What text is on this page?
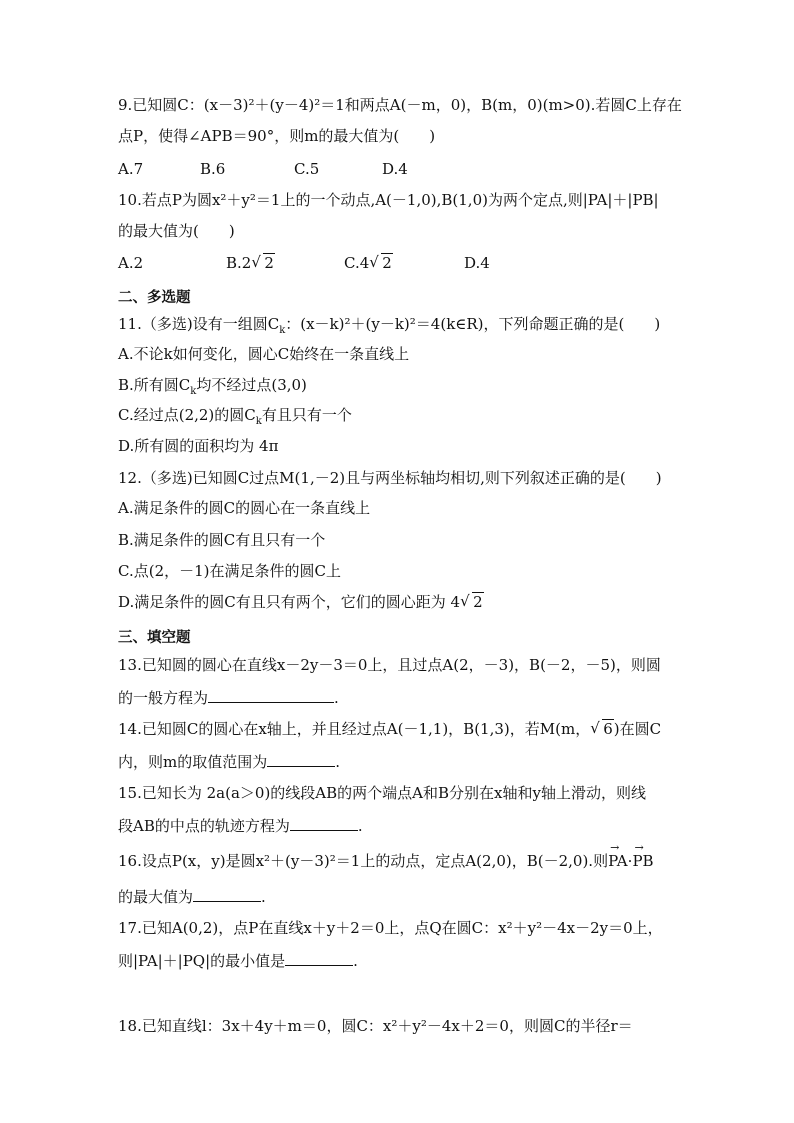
9.已知圆C：(x－3)²＋(y－4)²＝1和两点A(－m，0)，B(m，0)(m>0).若圆C上存在
点P，使得∠APB＝90°，则m的最大值为(　　)
A.7	B.6	C.5	D.4
10.若点P为圆x²＋y²＝1上的一个动点,A(－1,0),B(1,0)为两个定点,则|PA|＋|PB|
的最大值为(　　)
A.2	B.2 √ 2	C.4 √ 2	D.4
二、多选题
11.（多选)设有一组圆$C_k$：(x－k)²＋(y－k)²＝4(k∈R)，下列命题正确的是(　　)
A.不论k如何变化，圆心C始终在一条直线上
B.所有圆$C_k$均不经过点(3,0)
C.经过点(2,2)的圆$C_k$有且只有一个
D.所有圆的面积均为 4π
12.（多选)已知圆C过点M(1,－2)且与两坐标轴均相切,则下列叙述正确的是(　　)
A.满足条件的圆C的圆心在一条直线上
B.满足条件的圆C有且只有一个
C.点(2，－1)在满足条件的圆C上
D.满足条件的圆C有且只有两个，它们的圆心距为 4 √ 2
三、填空题
13.已知圆的圆心在直线x－2y－3＝0上，且过点A(2，－3)，B(－2，－5)，则圆
的一般方程为	.
14.已知圆C的圆心在x轴上，并且经过点A(－1,1)，B(1,3)，若M(m， √ 6)在圆C
内，则m的取值范围为	.
15.已知长为 2a(a＞0)的线段AB的两个端点A和B分别在x轴和y轴上滑动，则线
段AB的中点的轨迹方程为	.
16.设点P(x，y)是圆x²＋(y－3)²＝1上的动点，定点A(2,0)，B(－2,0).则→ PA·→ PB
的最大值为	.
17.已知A(0,2)，点P在直线x＋y＋2＝0上，点Q在圆C：x²＋y²－4x－2y＝0上，
则|PA|＋|PQ|的最小值是	.
18.已知直线l：3x＋4y＋m＝0，圆C：x²＋y²－4x＋2＝0，则圆C的半径r＝
